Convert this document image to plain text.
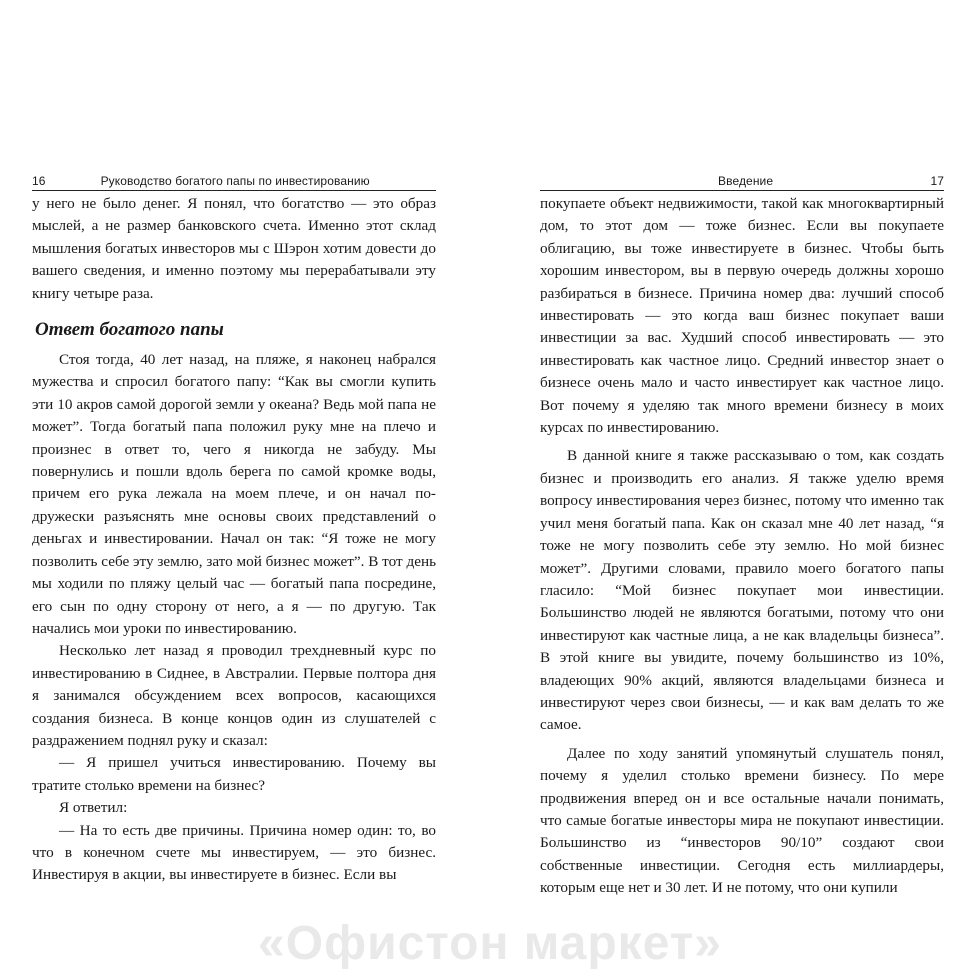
16	Руководство богатого папы по инвестированию

у него не было денег. Я понял, что богатство — это образ мыслей, а не размер банковского счета. Именно этот склад мышления богатых инвесторов мы с Шэрон хотим довести до вашего сведения, и именно поэтому мы перерабатывали эту книгу четыре раза.

Ответ богатого папы

Стоя тогда, 40 лет назад, на пляже, я наконец набрался мужества и спросил богатого папу: “Как вы смогли купить эти 10 акров самой дорогой земли у океана? Ведь мой папа не может”. Тогда богатый папа положил руку мне на плечо и произнес в ответ то, чего я никогда не забуду. Мы повернулись и пошли вдоль берега по самой кромке воды, причем его рука лежала на моем плече, и он начал по-дружески разъяснять мне основы своих представлений о деньгах и инвестировании. Начал он так: “Я тоже не могу позволить себе эту землю, зато мой бизнес может”. В тот день мы ходили по пляжу целый час — богатый папа посредине, его сын по одну сторону от него, а я — по другую. Так начались мои уроки по инвестированию.

Несколько лет назад я проводил трехдневный курс по инвестированию в Сиднее, в Австралии. Первые полтора дня я занимался обсуждением всех вопросов, касающихся создания бизнеса. В конце концов один из слушателей с раздражением поднял руку и сказал:

— Я пришел учиться инвестированию. Почему вы тратите столько времени на бизнес?

Я ответил:

— На то есть две причины. Причина номер один: то, во что в конечном счете мы инвестируем, — это бизнес. Инвестируя в акции, вы инвестируете в бизнес. Если вы

Введение	17

покупаете объект недвижимости, такой как многоквартирный дом, то этот дом — тоже бизнес. Если вы покупаете облигацию, вы тоже инвестируете в бизнес. Чтобы быть хорошим инвестором, вы в первую очередь должны хорошо разбираться в бизнесе. Причина номер два: лучший способ инвестировать — это когда ваш бизнес покупает ваши инвестиции за вас. Худший способ инвестировать — это инвестировать как частное лицо. Средний инвестор знает о бизнесе очень мало и часто инвестирует как частное лицо. Вот почему я уделяю так много времени бизнесу в моих курсах по инвестированию.

В данной книге я также рассказываю о том, как создать бизнес и производить его анализ. Я также уделю время вопросу инвестирования через бизнес, потому что именно так учил меня богатый папа. Как он сказал мне 40 лет назад, “я тоже не могу позволить себе эту землю. Но мой бизнес может”. Другими словами, правило моего богатого папы гласило: “Мой бизнес покупает мои инвестиции. Большинство людей не являются богатыми, потому что они инвестируют как частные лица, а не как владельцы бизнеса”. В этой книге вы увидите, почему большинство из 10%, владеющих 90% акций, являются владельцами бизнеса и инвестируют через свои бизнесы, — и как вам делать то же самое.

Далее по ходу занятий упомянутый слушатель понял, почему я уделил столько времени бизнесу. По мере продвижения вперед он и все остальные начали понимать, что самые богатые инвесторы мира не покупают инвестиции. Большинство из “инвесторов 90/10” создают свои собственные инвестиции. Сегодня есть миллиардеры, которым еще нет и 30 лет. И не потому, что они купили

«Офистон маркет»
